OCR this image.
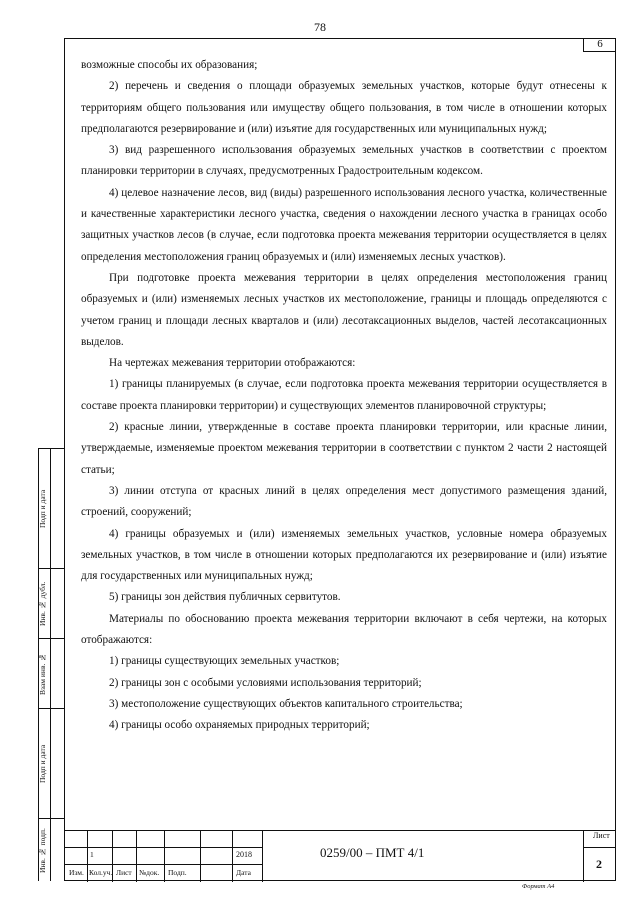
78
6

возможные способы их образования;

2) перечень и сведения о площади образуемых земельных участков, которые будут отнесены к территориям общего пользования или имуществу общего пользования, в том числе в отношении которых предполагаются резервирование и (или) изъятие для государственных или муниципальных нужд;

3) вид разрешенного использования образуемых земельных участков в соответствии с проектом планировки территории в случаях, предусмотренных Градостроительным кодексом.

4) целевое назначение лесов, вид (виды) разрешенного использования лесного участка, количественные и качественные характеристики лесного участка, сведения о нахождении лесного участка в границах особо защитных участков лесов (в случае, если подготовка проекта межевания территории осуществляется в целях определения местоположения границ образуемых и (или) изменяемых лесных участков).

При подготовке проекта межевания территории в целях определения местоположения границ образуемых и (или) изменяемых лесных участков их местоположение, границы и площадь определяются с учетом границ и площади лесных кварталов и (или) лесотаксационных выделов, частей лесотаксационных выделов.

На чертежах межевания территории отображаются:

1) границы планируемых (в случае, если подготовка проекта межевания территории осуществляется в составе проекта планировки территории) и существующих элементов планировочной структуры;

2) красные линии, утвержденные в составе проекта планировки территории, или красные линии, утверждаемые, изменяемые проектом межевания территории в соответствии с пунктом 2 части 2 настоящей статьи;

3) линии отступа от красных линий в целях определения мест допустимого размещения зданий, строений, сооружений;

4) границы образуемых и (или) изменяемых земельных участков, условные номера образуемых земельных участков, в том числе в отношении которых предполагаются их резервирование и (или) изъятие для государственных или муниципальных нужд;

5) границы зон действия публичных сервитутов.

Материалы по обоснованию проекта межевания территории включают в себя чертежи, на которых отображаются:

1) границы существующих земельных участков;

2) границы зон с особыми условиями использования территорий;

3) местоположение существующих объектов капитального строительства;

4) границы особо охраняемых природных территорий;

Подп и дата
Инв. № дубл.
Взам инв. №
Подп и дата
Инв. № подп.	1	2018
Изм. Кол.уч. Лист №док. Подп.	Дата
0259/00 – ПМТ 4/1
Лист
2
Формат А4
